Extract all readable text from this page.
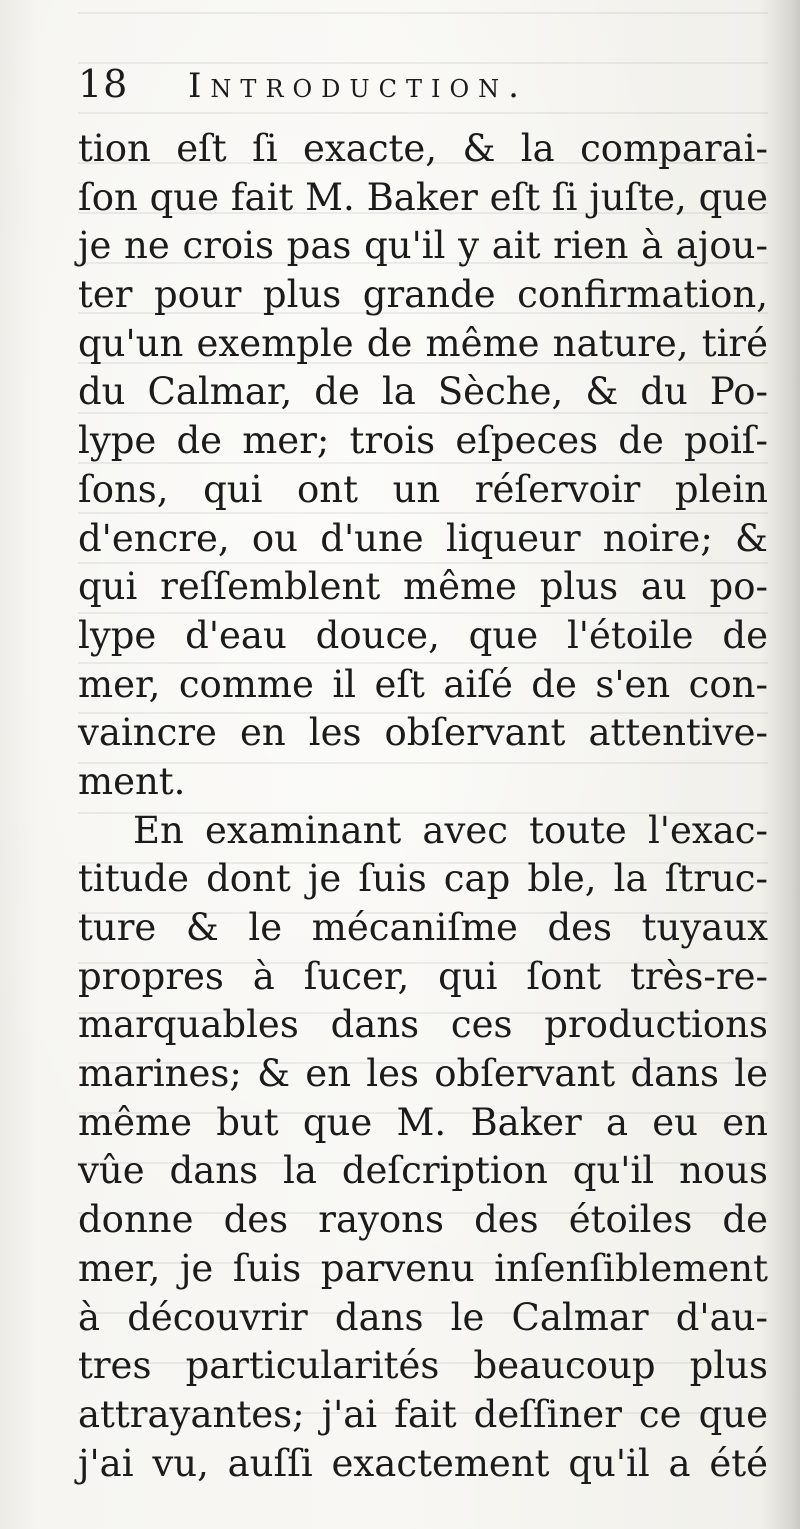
18	Introduction.
tion eſt ſi exacte, & la comparai-
ſon que fait M. Baker eſt ſi juſte, que
je ne crois pas qu'il y ait rien à ajou-
ter pour plus grande confirmation,
qu'un exemple de même nature, tiré
du Calmar, de la Sèche, & du Po-
lype de mer; trois eſpeces de poiſ-
ſons, qui ont un réſervoir plein
d'encre, ou d'une liqueur noire; &
qui reſſemblent même plus au po-
lype d'eau douce, que l'étoile de
mer, comme il eſt aiſé de s'en con-
vaincre en les obſervant attentive-
ment.
En examinant avec toute l'exac-
titude dont je ſuis cap ble, la ſtruc-
ture & le mécaniſme des tuyaux
propres à ſucer, qui ſont très-re-
marquables dans ces productions
marines; & en les obſervant dans le
même but que M. Baker a eu en
vûe dans la deſcription qu'il nous
donne des rayons des étoiles de
mer, je ſuis parvenu inſenſiblement
à découvrir dans le Calmar d'au-
tres particularités beaucoup plus
attrayantes; j'ai fait deſſiner ce que
j'ai vu, auſſi exactement qu'il a été
